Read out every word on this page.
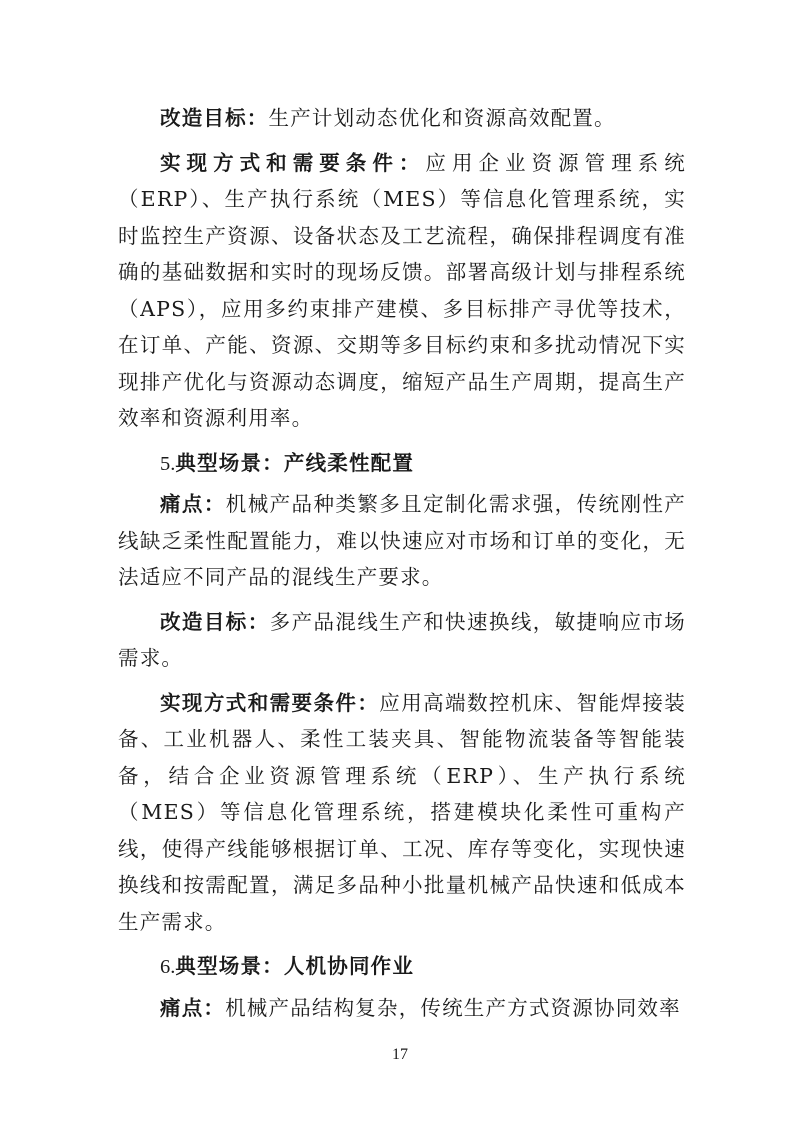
改造目标：生产计划动态优化和资源高效配置。

实现方式和需要条件：应用企业资源管理系统（ERP）、生产执行系统（MES）等信息化管理系统，实时监控生产资源、设备状态及工艺流程，确保排程调度有准确的基础数据和实时的现场反馈。部署高级计划与排程系统（APS），应用多约束排产建模、多目标排产寻优等技术，在订单、产能、资源、交期等多目标约束和多扰动情况下实现排产优化与资源动态调度，缩短产品生产周期，提高生产效率和资源利用率。

5.典型场景：产线柔性配置

痛点：机械产品种类繁多且定制化需求强，传统刚性产线缺乏柔性配置能力，难以快速应对市场和订单的变化，无法适应不同产品的混线生产要求。

改造目标：多产品混线生产和快速换线，敏捷响应市场需求。

实现方式和需要条件：应用高端数控机床、智能焊接装备、工业机器人、柔性工装夹具、智能物流装备等智能装备，结合企业资源管理系统（ERP）、生产执行系统（MES）等信息化管理系统，搭建模块化柔性可重构产线，使得产线能够根据订单、工况、库存等变化，实现快速换线和按需配置，满足多品种小批量机械产品快速和低成本生产需求。

6.典型场景：人机协同作业

痛点：机械产品结构复杂，传统生产方式资源协同效率

17
